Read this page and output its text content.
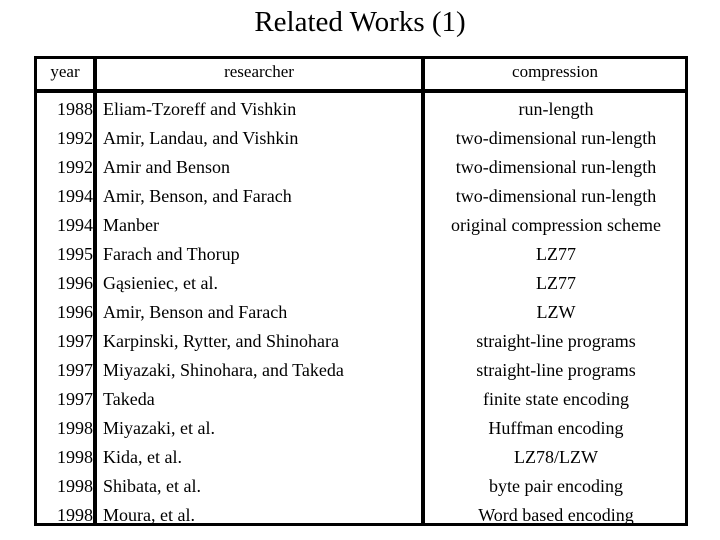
Related Works (1)
year	researcher	compression
1988 Eliam-Tzoreff and Vishkin	run-length
1992 Amir, Landau, and Vishkin	two-dimensional run-length
1992 Amir and Benson	two-dimensional run-length
1994 Amir, Benson, and Farach	two-dimensional run-length
1994 Manber	original compression scheme
1995 Farach and Thorup	LZ77
1996 Gąsieniec, et al.	LZ77
1996 Amir, Benson and Farach	LZW
1997 Karpinski, Rytter, and Shinohara	straight-line programs
1997 Miyazaki, Shinohara, and Takeda	straight-line programs
1997 Takeda	finite state encoding
1998 Miyazaki, et al.	Huffman encoding
1998 Kida, et al.	LZ78/LZW
1998 Shibata, et al.	byte pair encoding
1998 Moura, et al.	Word based encoding
